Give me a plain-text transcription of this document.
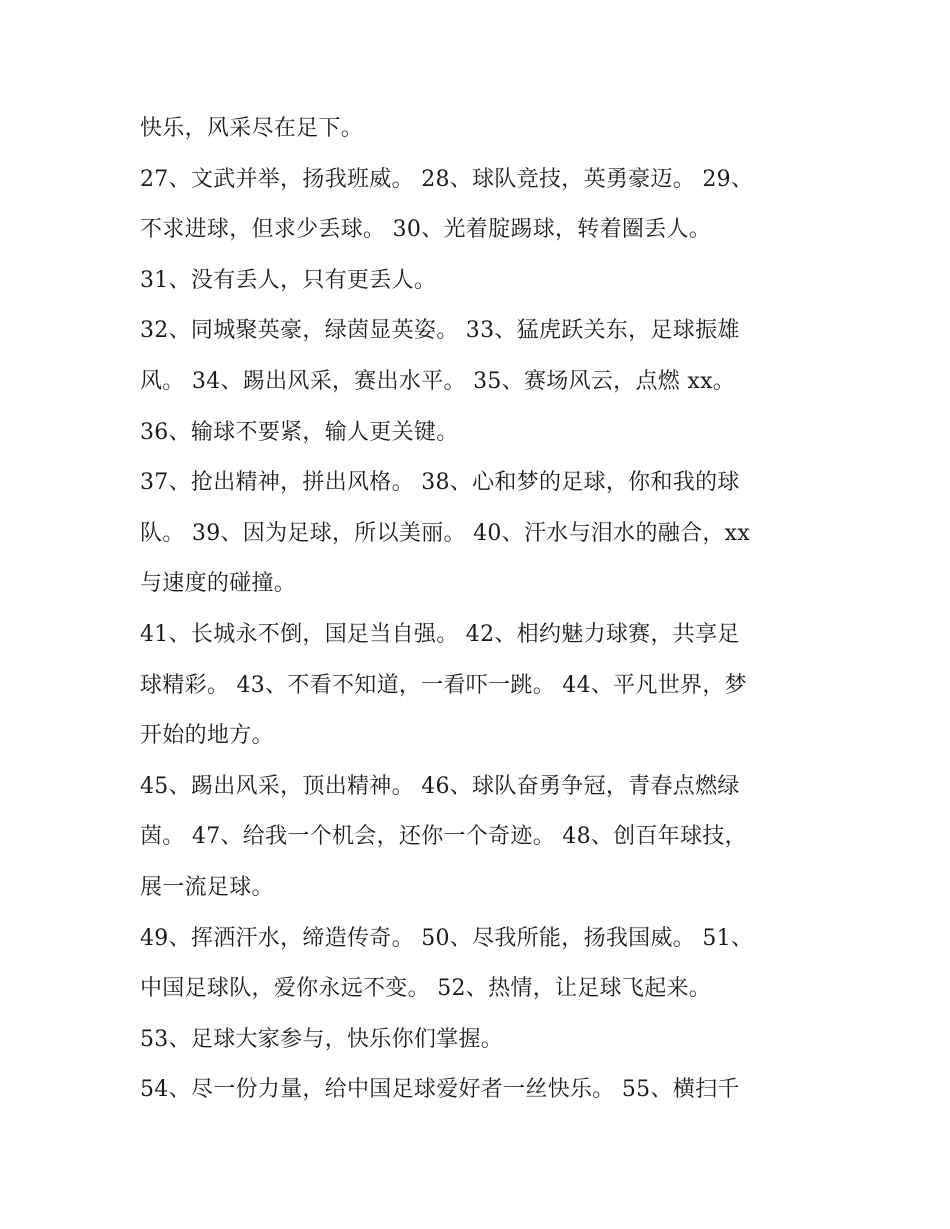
快乐，风采尽在足下。
27、文武并举，扬我班威。 28、球队竞技，英勇豪迈。 29、
不求进球，但求少丢球。 30、光着腚踢球，转着圈丢人。
31、没有丢人，只有更丢人。
32、同城聚英豪，绿茵显英姿。 33、猛虎跃关东，足球振雄
风。 34、踢出风采，赛出水平。 35、赛场风云，点燃 xx。
36、输球不要紧，输人更关键。
37、抢出精神，拼出风格。 38、心和梦的足球，你和我的球
队。 39、因为足球，所以美丽。 40、汗水与泪水的融合，xx
与速度的碰撞。
41、长城永不倒，国足当自强。 42、相约魅力球赛，共享足
球精彩。 43、不看不知道，一看吓一跳。 44、平凡世界，梦
开始的地方。
45、踢出风采，顶出精神。 46、球队奋勇争冠，青春点燃绿
茵。 47、给我一个机会，还你一个奇迹。 48、创百年球技，
展一流足球。
49、挥洒汗水，缔造传奇。 50、尽我所能，扬我国威。 51、
中国足球队，爱你永远不变。 52、热情，让足球飞起来。
53、足球大家参与，快乐你们掌握。
54、尽一份力量，给中国足球爱好者一丝快乐。 55、横扫千
